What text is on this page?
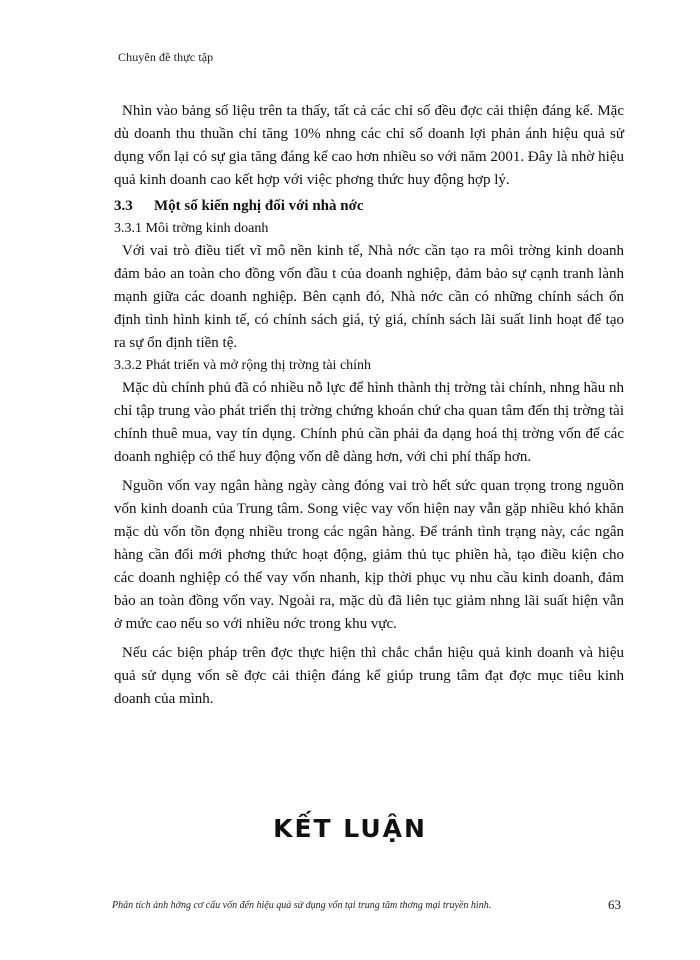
Chuyên đề thực tập

Nhìn vào bảng số liệu trên ta thấy, tất cả các chỉ số đều đợc cải thiện đáng kể. Mặc dù doanh thu thuần chỉ tăng 10% nhng các chỉ số doanh lợi phản ánh hiệu quả sử dụng vốn lại có sự gia tăng đáng kể cao hơn nhiều so với năm 2001. Đây là nhờ hiệu quả kinh doanh cao kết hợp với việc phơng thức huy động hợp lý.

3.3 Một số kiến nghị đối với nhà nớc
3.3.1 Môi trờng kinh doanh

Với vai trò điều tiết vĩ mô nền kinh tế, Nhà nớc cần tạo ra môi trờng kinh doanh đảm bảo an toàn cho đồng vốn đầu t của doanh nghiệp, đảm bảo sự cạnh tranh lành mạnh giữa các doanh nghiệp. Bên cạnh đó, Nhà nớc cần có những chính sách ổn định tình hình kinh tế, có chính sách giá, tỷ giá, chính sách lãi suất linh hoạt để tạo ra sự ổn định tiền tệ.

3.3.2 Phát triển và mở rộng thị trờng tài chính

Mặc dù chính phủ đã có nhiều nỗ lực để hình thành thị trờng tài chính, nhng hầu nh chỉ tập trung vào phát triển thị trờng chứng khoán chứ cha quan tâm đến thị trờng tài chính thuê mua, vay tín dụng. Chính phủ cần phải đa dạng hoá thị trờng vốn để các doanh nghiệp có thể huy động vốn dễ dàng hơn, với chi phí thấp hơn.

Nguồn vốn vay ngân hàng ngày càng đóng vai trò hết sức quan trọng trong nguồn vốn kinh doanh của Trung tâm. Song việc vay vốn hiện nay vẫn gặp nhiều khó khăn mặc dù vốn tồn đọng nhiều trong các ngân hàng. Để tránh tình trạng này, các ngân hàng cần đổi mới phơng thức hoạt động, giảm thủ tục phiền hà, tạo điều kiện cho các doanh nghiệp có thể vay vốn nhanh, kịp thời phục vụ nhu cầu kinh doanh, đảm bảo an toàn đồng vốn vay. Ngoài ra, mặc dù đã liên tục giảm nhng lãi suất hiện vẫn ở mức cao nếu so với nhiều nớc trong khu vực.

Nếu các biện pháp trên đợc thực hiện thì chắc chắn hiệu quả kinh doanh và hiệu quả sử dụng vốn sẽ đợc cải thiện đáng kể giúp trung tâm đạt đợc mục tiêu kinh doanh của mình.

KẾT LUẬN
Phân tích ảnh hởng cơ cấu vốn đến hiệu quả sử dụng vốn tại trung tâm thơng mại truyền hình.	63
